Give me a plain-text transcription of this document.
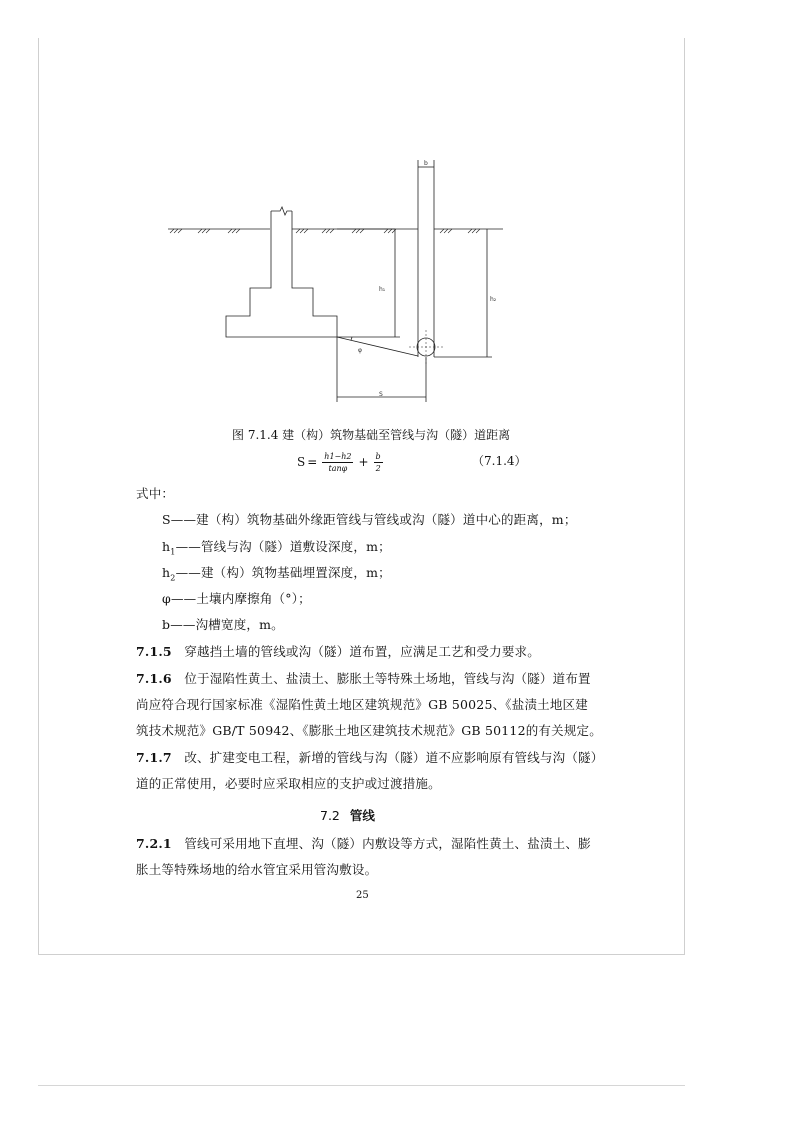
b
h₁
h₂
φ
S
图 7.1.4 建（构）筑物基础至管线与沟（隧）道距离
$S = \frac{h1-h2}{\tan\varphi} + \frac{b}{2}$	（7.1.4）
式中：
S——建（构）筑物基础外缘距管线与管线或沟（隧）道中心的距离，m；
$h_1——$管线与沟（隧）道敷设深度，m；
$h_2——$建（构）筑物基础埋置深度，m；
φ——土壤内摩擦角（°）；
b——沟槽宽度，m。
7.1.5 穿越挡土墙的管线或沟（隧）道布置，应满足工艺和受力要求。
7.1.6 位于湿陷性黄土、盐渍土、膨胀土等特殊土场地，管线与沟（隧）道布置
尚应符合现行国家标准《湿陷性黄土地区建筑规范》GB 50025、《盐渍土地区建
筑技术规范》GB/T 50942、《膨胀土地区建筑技术规范》GB 50112的有关规定。
7.1.7 改、扩建变电工程，新增的管线与沟（隧）道不应影响原有管线与沟（隧）
道的正常使用，必要时应采取相应的支护或过渡措施。
7.2 管线
7.2.1 管线可采用地下直埋、沟（隧）内敷设等方式，湿陷性黄土、盐渍土、膨
胀土等特殊场地的给水管宜采用管沟敷设。
25
